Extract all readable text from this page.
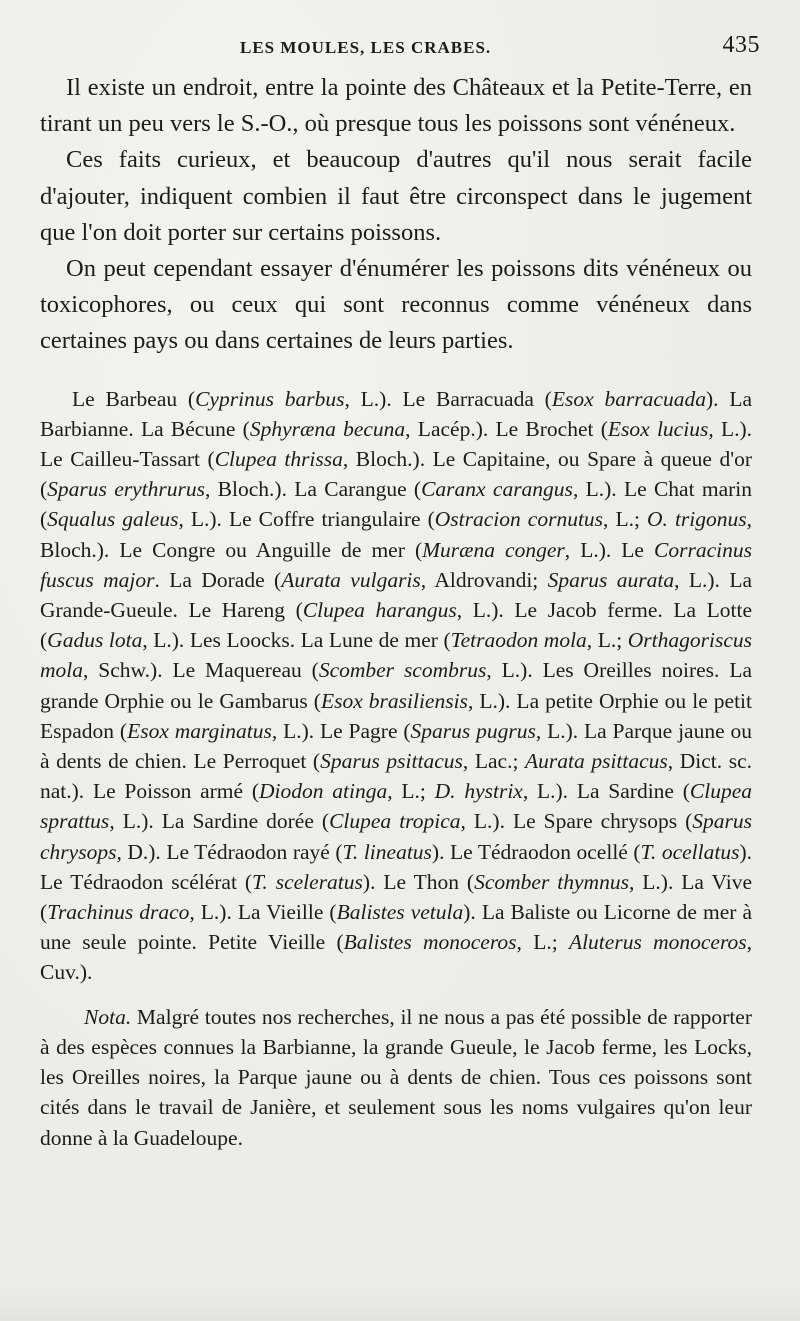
LES MOULES, LES CRABES.	435

Il existe un endroit, entre la pointe des Châteaux et la Petite-Terre, en tirant un peu vers le S.-O., où presque tous les poissons sont vénéneux.

Ces faits curieux, et beaucoup d'autres qu'il nous serait facile d'ajouter, indiquent combien il faut être circonspect dans le jugement que l'on doit porter sur certains poissons.

On peut cependant essayer d'énumérer les poissons dits vénéneux ou toxicophores, ou ceux qui sont reconnus comme vénéneux dans certaines pays ou dans certaines de leurs parties.

Le Barbeau (Cyprinus barbus, L.). Le Barracuada (Esox barracuada). La Barbianne. La Bécune (Sphyræna becuna, Lacép.). Le Brochet (Esox lucius, L.). Le Cailleu-Tassart (Clupea thrissa, Bloch.). Le Capitaine, ou Spare à queue d'or (Sparus erythrurus, Bloch.). La Carangue (Caranx carangus, L.). Le Chat marin (Squalus galeus, L.). Le Coffre triangulaire (Ostracion cornutus, L.; O. trigonus, Bloch.). Le Congre ou Anguille de mer (Muræna conger, L.). Le Corracinus fuscus major. La Dorade (Aurata vulgaris, Aldrovandi; Sparus aurata, L.). La Grande-Gueule. Le Hareng (Clupea harangus, L.). Le Jacob ferme. La Lotte (Gadus lota, L.). Les Loocks. La Lune de mer (Tetraodon mola, L.; Orthagoriscus mola, Schw.). Le Maquereau (Scomber scombrus, L.). Les Oreilles noires. La grande Orphie ou le Gambarus (Esox brasiliensis, L.). La petite Orphie ou le petit Espadon (Esox marginatus, L.). Le Pagre (Sparus pugrus, L.). La Parque jaune ou à dents de chien. Le Perroquet (Sparus psittacus, Lac.; Aurata psittacus, Dict. sc. nat.). Le Poisson armé (Diodon atinga, L.; D. hystrix, L.). La Sardine (Clupea sprattus, L.). La Sardine dorée (Clupea tropica, L.). Le Spare chrysops (Sparus chrysops, D.). Le Tédraodon rayé (T. lineatus). Le Tédraodon ocellé (T. ocellatus). Le Tédraodon scélérat (T. sceleratus). Le Thon (Scomber thymnus, L.). La Vive (Trachinus draco, L.). La Vieille (Balistes vetula). La Baliste ou Licorne de mer à une seule pointe. Petite Vieille (Balistes monoceros, L.; Aluterus monoceros, Cuv.).

Nota. Malgré toutes nos recherches, il ne nous a pas été possible de rapporter à des espèces connues la Barbianne, la grande Gueule, le Jacob ferme, les Locks, les Oreilles noires, la Parque jaune ou à dents de chien. Tous ces poissons sont cités dans le travail de Janière, et seulement sous les noms vulgaires qu'on leur donne à la Guadeloupe.
